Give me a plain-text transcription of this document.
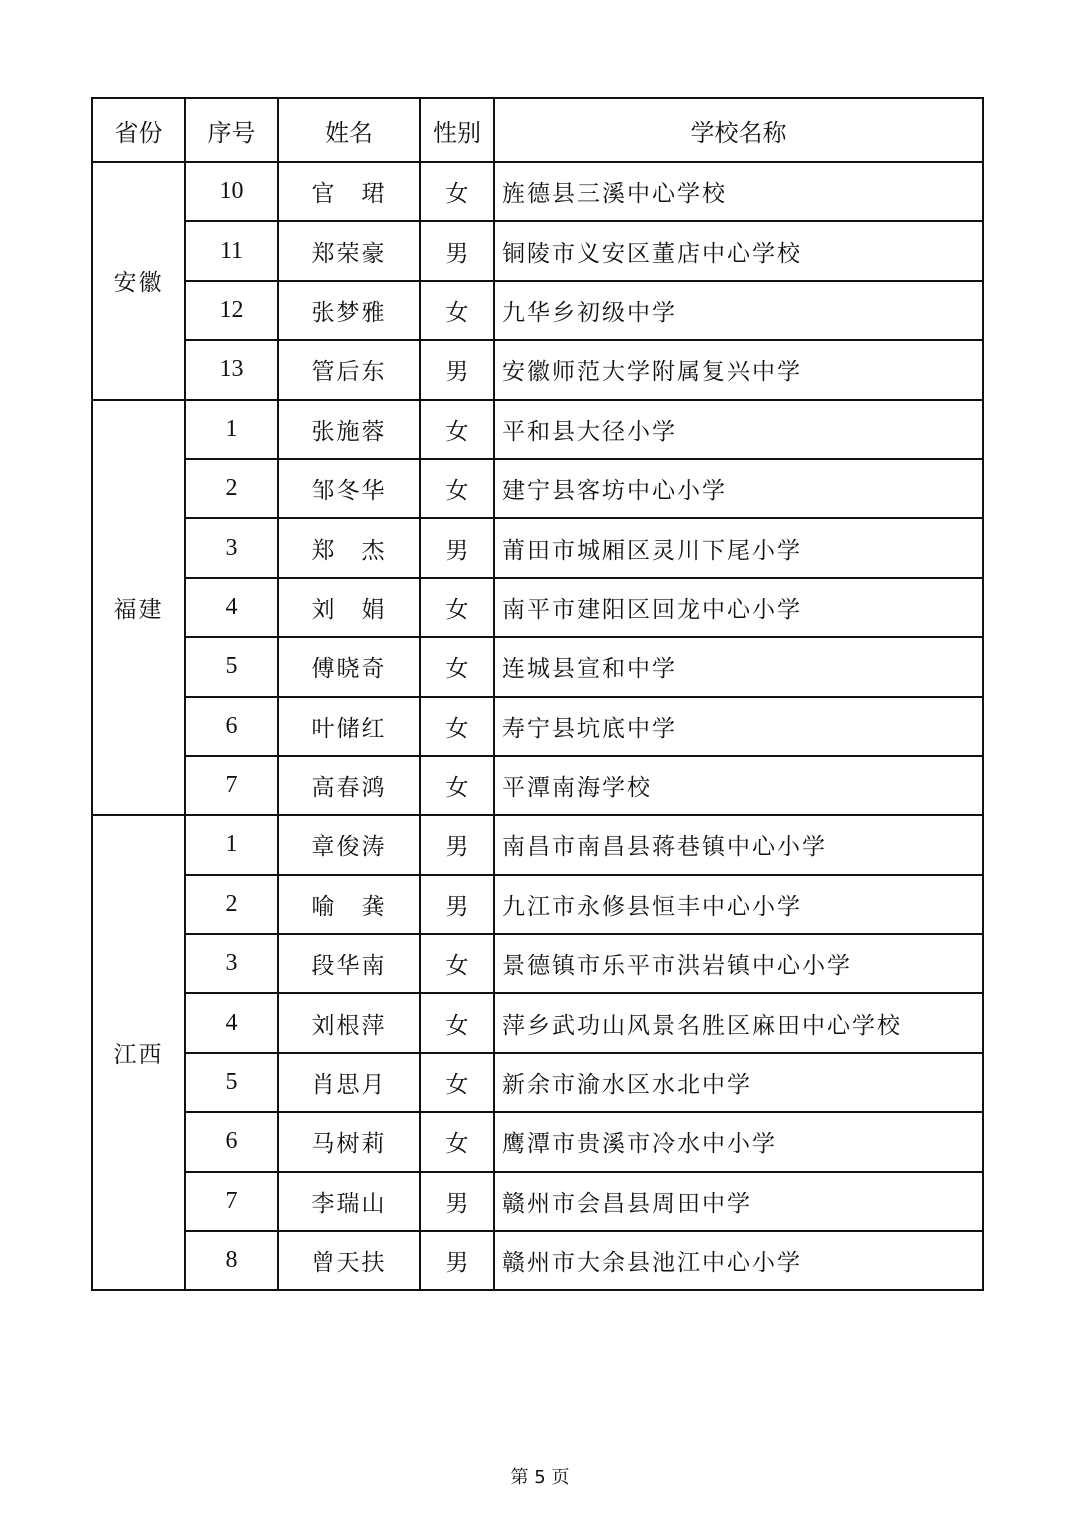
省份	序号	姓名	性别	学校名称
安徽	10	官　珺	女	旌德县三溪中心学校
	11	郑荣豪	男	铜陵市义安区董店中心学校
	12	张梦雅	女	九华乡初级中学
	13	管后东	男	安徽师范大学附属复兴中学
福建	1	张施蓉	女	平和县大径小学
	2	邹冬华	女	建宁县客坊中心小学
	3	郑　杰	男	莆田市城厢区灵川下尾小学
	4	刘　娟	女	南平市建阳区回龙中心小学
	5	傅晓奇	女	连城县宣和中学
	6	叶储红	女	寿宁县坑底中学
	7	高春鸿	女	平潭南海学校
江西	1	章俊涛	男	南昌市南昌县蒋巷镇中心小学
	2	喻　龚	男	九江市永修县恒丰中心小学
	3	段华南	女	景德镇市乐平市洪岩镇中心小学
	4	刘根萍	女	萍乡武功山风景名胜区麻田中心学校
	5	肖思月	女	新余市渝水区水北中学
	6	马树莉	女	鹰潭市贵溪市冷水中小学
	7	李瑞山	男	赣州市会昌县周田中学
	8	曾天扶	男	赣州市大余县池江中心小学
第 5 页
